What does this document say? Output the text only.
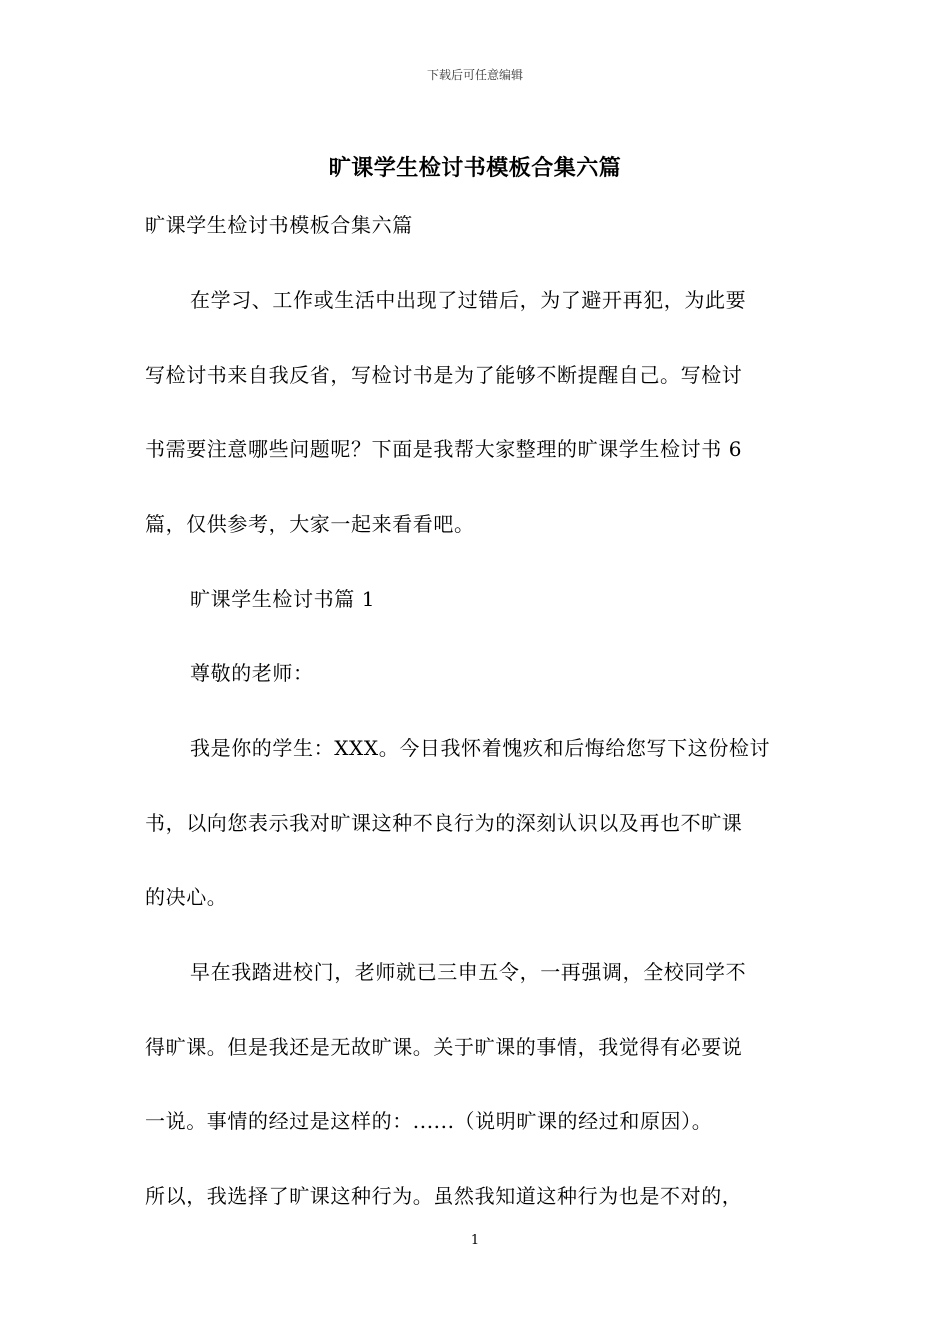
下载后可任意编辑
旷课学生检讨书模板合集六篇
旷课学生检讨书模板合集六篇
在学习、工作或生活中出现了过错后，为了避开再犯，为此要
写检讨书来自我反省，写检讨书是为了能够不断提醒自己。写检讨
书需要注意哪些问题呢？下面是我帮大家整理的旷课学生检讨书 6
篇，仅供参考，大家一起来看看吧。
旷课学生检讨书篇 1
尊敬的老师：
我是你的学生：XXX。今日我怀着愧疚和后悔给您写下这份检讨
书，以向您表示我对旷课这种不良行为的深刻认识以及再也不旷课
的决心。
早在我踏进校门，老师就已三申五令，一再强调，全校同学不
得旷课。但是我还是无故旷课。关于旷课的事情，我觉得有必要说
一说。事情的经过是这样的：......（说明旷课的经过和原因）。
所以，我选择了旷课这种行为。虽然我知道这种行为也是不对的，
1
